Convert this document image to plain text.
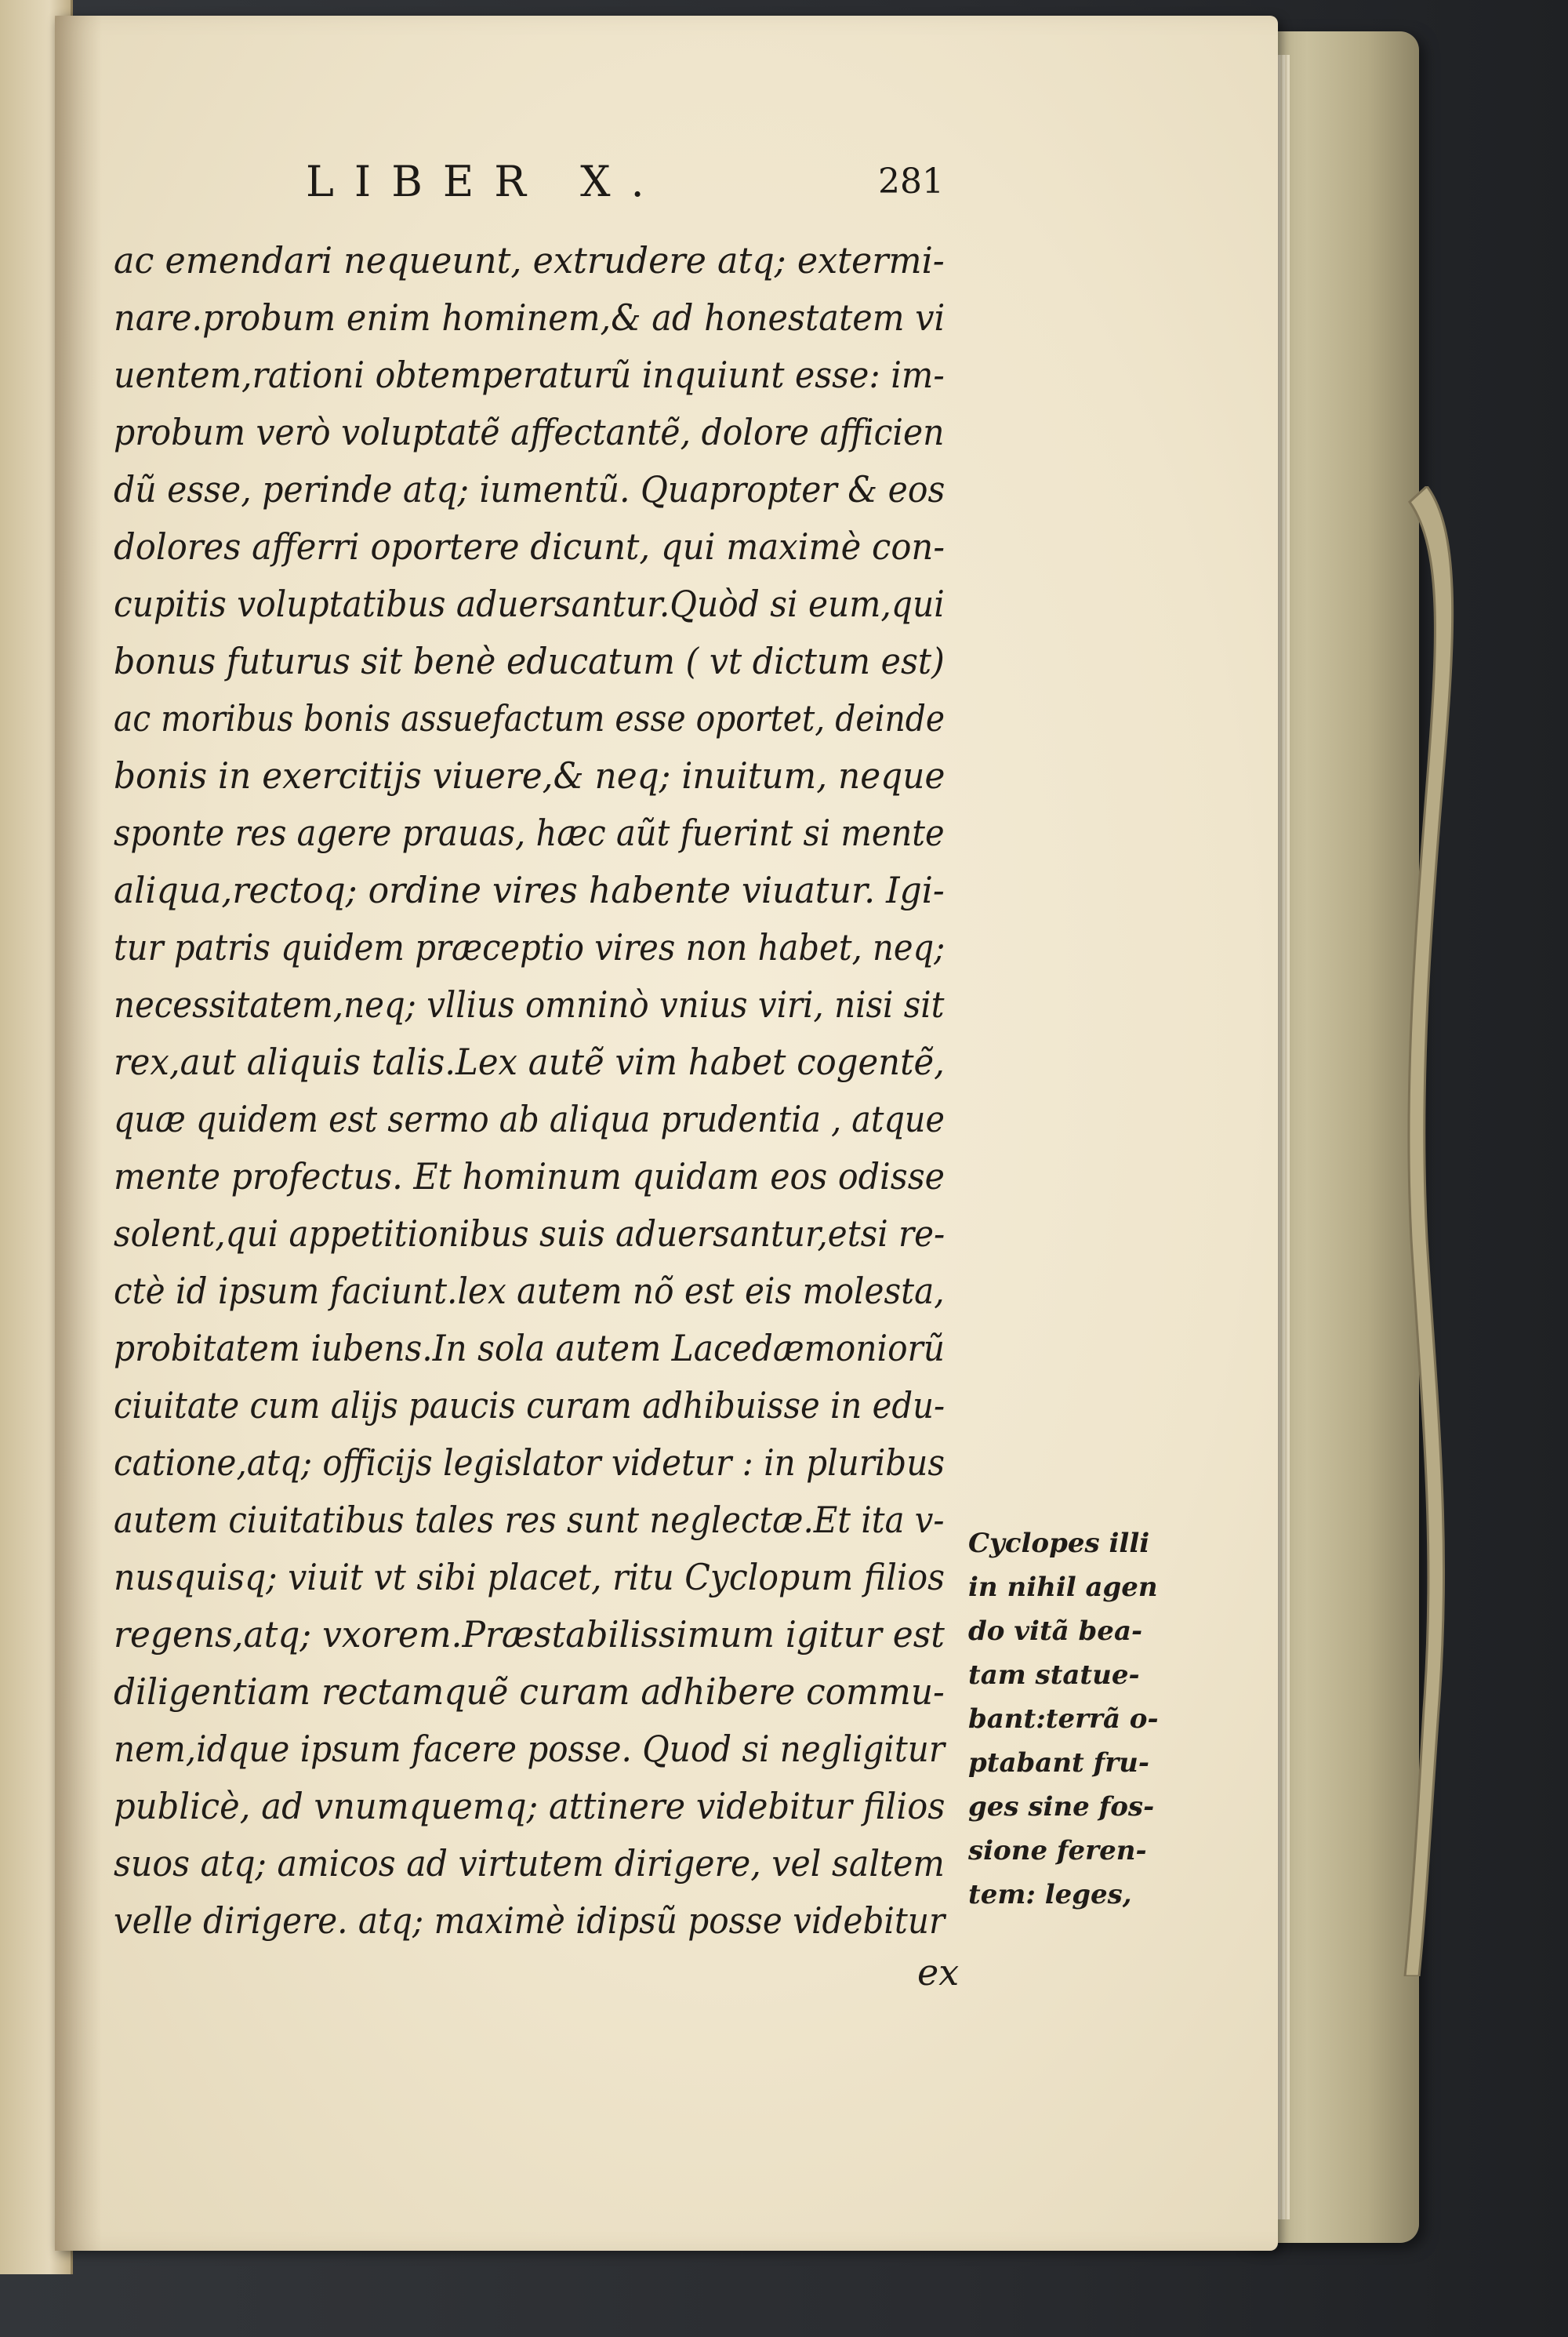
LIBER X.	281
ac emendari nequeunt, extrudere atq; extermi-
nare.probum enim hominem,& ad honestatem vi
uentem,rationi obtemperaturũ inquiunt esse: im-
probum verò voluptatẽ affectantẽ, dolore afficien
dũ esse, perinde atq; iumentũ. Quapropter & eos
dolores afferri oportere dicunt, qui maximè con-
cupitis voluptatibus aduersantur.Quòd si eum,qui
bonus futurus sit benè educatum ( vt dictum est)
ac moribus bonis assuefactum esse oportet, deinde
bonis in exercitijs viuere,& neq; inuitum, neque
sponte res agere prauas, hæc aũt fuerint si mente
aliqua,rectoq; ordine vires habente viuatur. Igi-
tur patris quidem præceptio vires non habet, neq;
necessitatem,neq; vllius omninò vnius viri, nisi sit
rex,aut aliquis talis.Lex autẽ vim habet cogentẽ,
quæ quidem est sermo ab aliqua prudentia , atque
mente profectus. Et hominum quidam eos odisse
solent,qui appetitionibus suis aduersantur,etsi re-
ctè id ipsum faciunt.lex autem nõ est eis molesta,
probitatem iubens.In sola autem Lacedæmoniorũ
ciuitate cum alijs paucis curam adhibuisse in edu-
catione,atq; officijs legislator videtur : in pluribus
autem ciuitatibus tales res sunt neglectæ.Et ita v-
nusquisq; viuit vt sibi placet, ritu Cyclopum filios
regens,atq; vxorem.Præstabilissimum igitur est
diligentiam rectamquẽ curam adhibere commu-
nem,idque ipsum facere posse. Quod si negligitur
publicè, ad vnumquemq; attinere videbitur filios
suos atq; amicos ad virtutem dirigere, vel saltem
velle dirigere. atq; maximè idipsũ posse videbitur
Cyclopes illi
in nihil agen
do vitã bea-
tam statue-
bant:terrã o-
ptabant fru-
ges sine fos-
sione feren-
tem: leges,
ex
